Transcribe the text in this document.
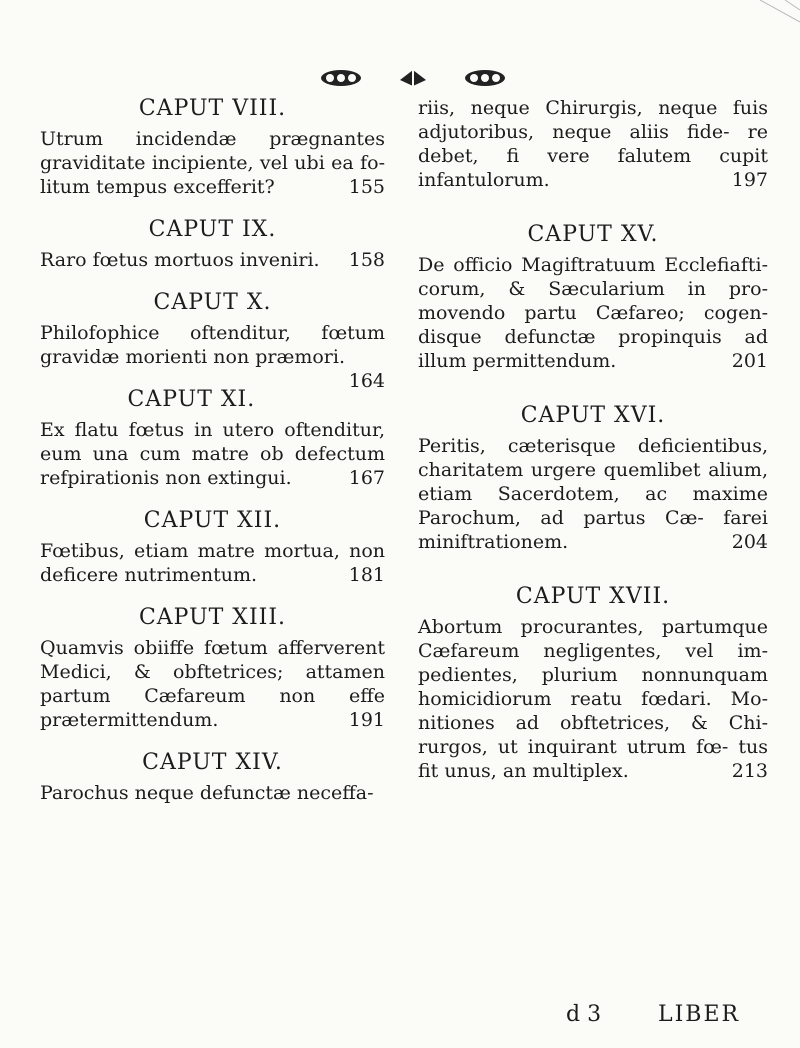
CAPUT VIII.
Utrum incidendæ prægnantes graviditate incipiente, vel ubi ea fo- litum tempus excefferit?	155
CAPUT IX.
Raro fœtus mortuos inveniri. 158
CAPUT X.
Philofophice oftenditur, fœtum gravidæ morienti non præmori.
164
CAPUT XI.
Ex flatu fœtus in utero oftenditur, eum una cum matre ob defectum refpirationis non extingui.	167
CAPUT XII.
Fœtibus, etiam matre mortua, non deficere nutrimentum.	181
CAPUT XIII.
Quamvis obiiffe fœtum afferverent Medici, & obftetrices; attamen partum Cæfareum non effe prætermittendum.	191
CAPUT XIV.
Parochus neque defunctæ neceffa-
riis, neque Chirurgis, neque fuis adjutoribus, neque aliis fide- re debet, fi vere falutem cupit infantulorum.	197
CAPUT XV.
De officio Magiftratuum Ecclefiafti- corum, & Sæcularium in pro- movendo partu Cæfareo; cogen- disque defunctæ propinquis ad illum permittendum.	201
CAPUT XVI.
Peritis, cæterisque deficientibus, charitatem urgere quemlibet alium, etiam Sacerdotem, ac maxime Parochum, ad partus Cæ- farei miniftrationem.	204
CAPUT XVII.
Abortum procurantes, partumque Cæfareum negligentes, vel im- pedientes, plurium nonnunquam homicidiorum reatu fœdari. Mo- nitiones ad obftetrices, & Chi- rurgos, ut inquirant utrum fœ- tus fit unus, an multiplex.	213
d 3	LIBER
